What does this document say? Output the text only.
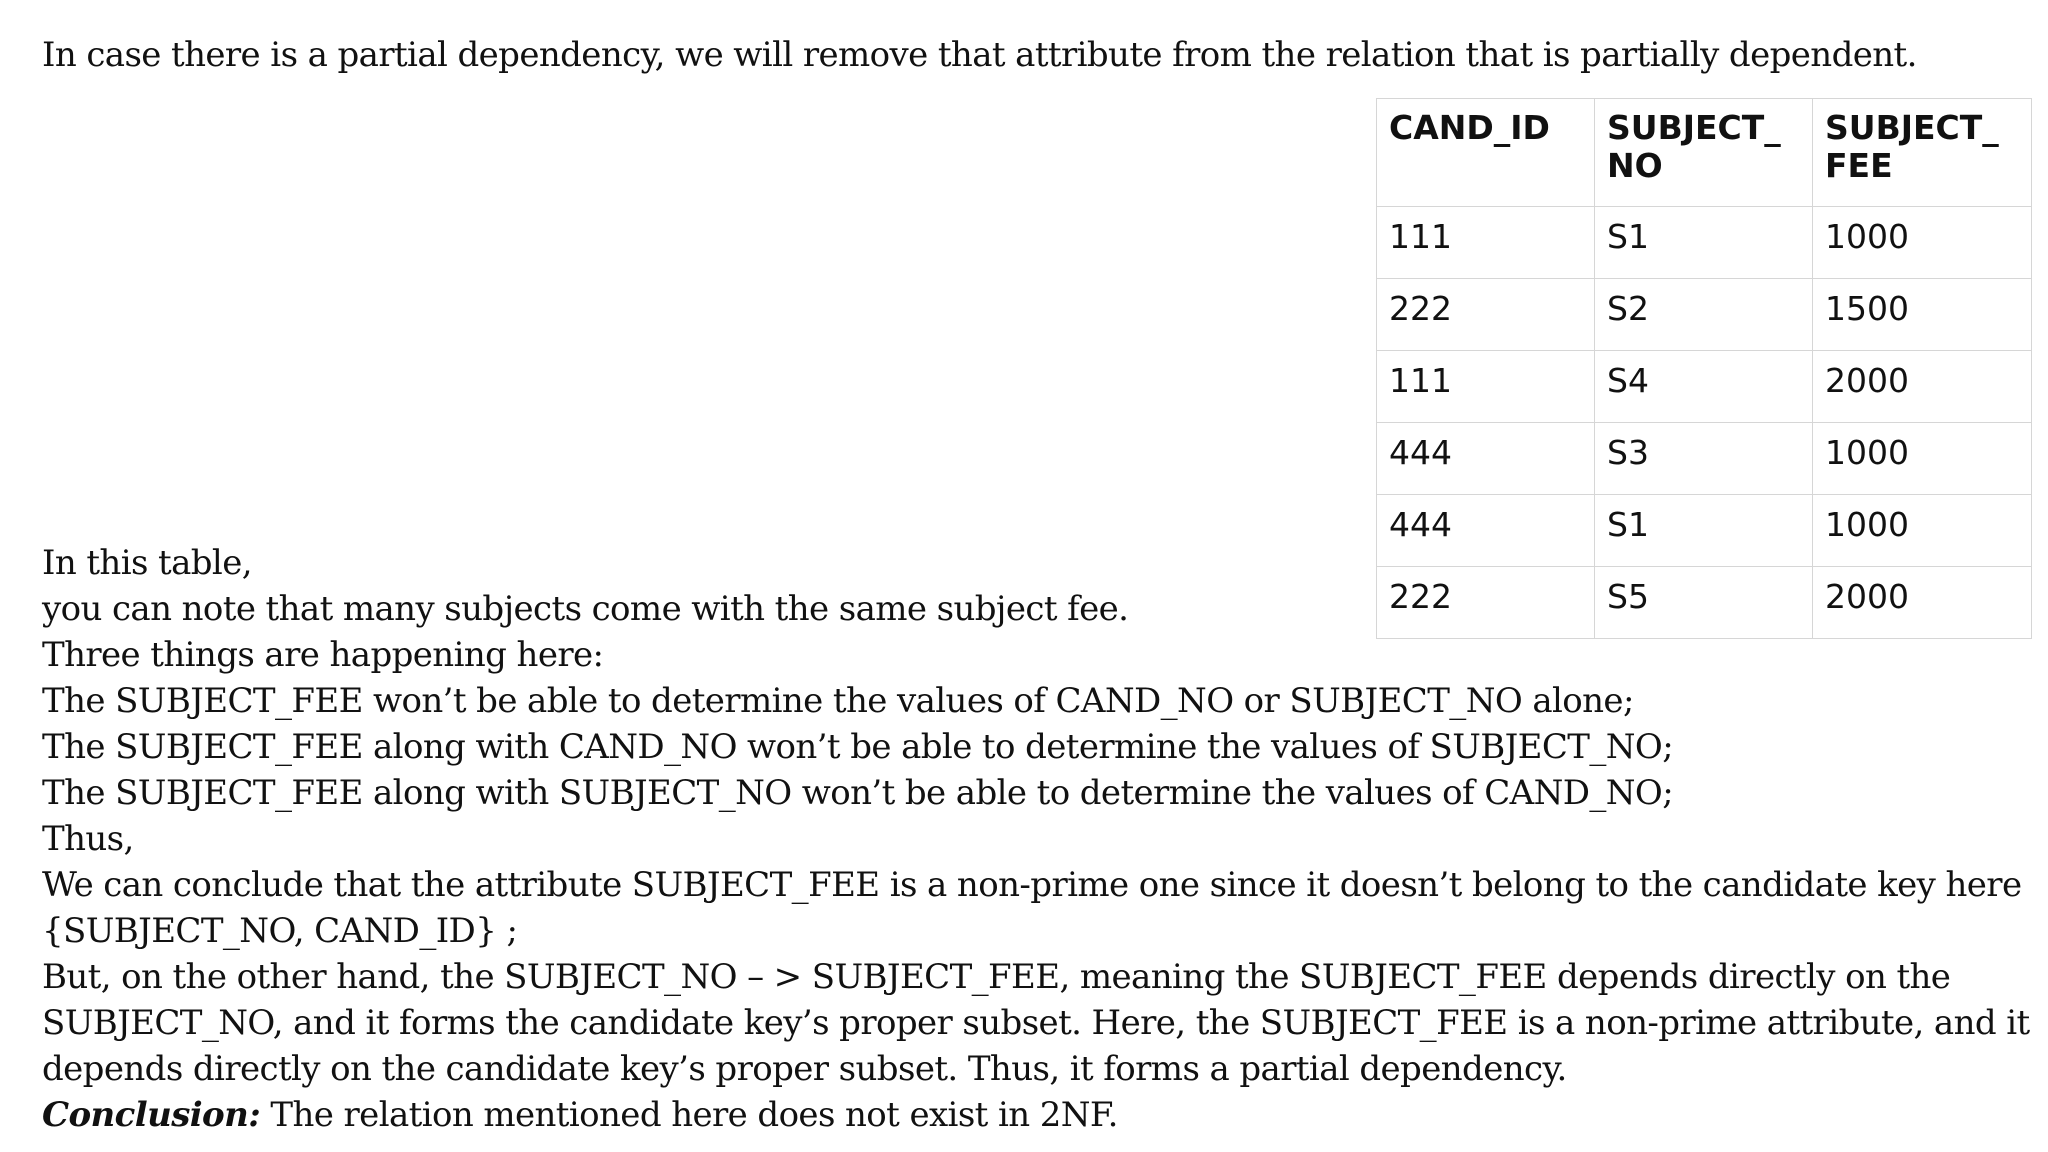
In case there is a partial dependency, we will remove that attribute from the relation that is partially dependent.
CAND_ID	SUBJECT_NO	SUBJECT_FEE
111	S1	1000
222	S2	1500
111	S4	2000
444	S3	1000
444	S1	1000
222	S5	2000
In this table,
you can note that many subjects come with the same subject fee.
Three things are happening here:
The SUBJECT_FEE won’t be able to determine the values of CAND_NO or SUBJECT_NO alone;
The SUBJECT_FEE along with CAND_NO won’t be able to determine the values of SUBJECT_NO;
The SUBJECT_FEE along with SUBJECT_NO won’t be able to determine the values of CAND_NO;
Thus,
We can conclude that the attribute SUBJECT_FEE is a non-prime one since it doesn’t belong to the candidate key here
{SUBJECT_NO, CAND_ID} ;
But, on the other hand, the SUBJECT_NO – > SUBJECT_FEE, meaning the SUBJECT_FEE depends directly on the
SUBJECT_NO, and it forms the candidate key’s proper subset. Here, the SUBJECT_FEE is a non-prime attribute, and it
depends directly on the candidate key’s proper subset. Thus, it forms a partial dependency.
Conclusion: The relation mentioned here does not exist in 2NF.
